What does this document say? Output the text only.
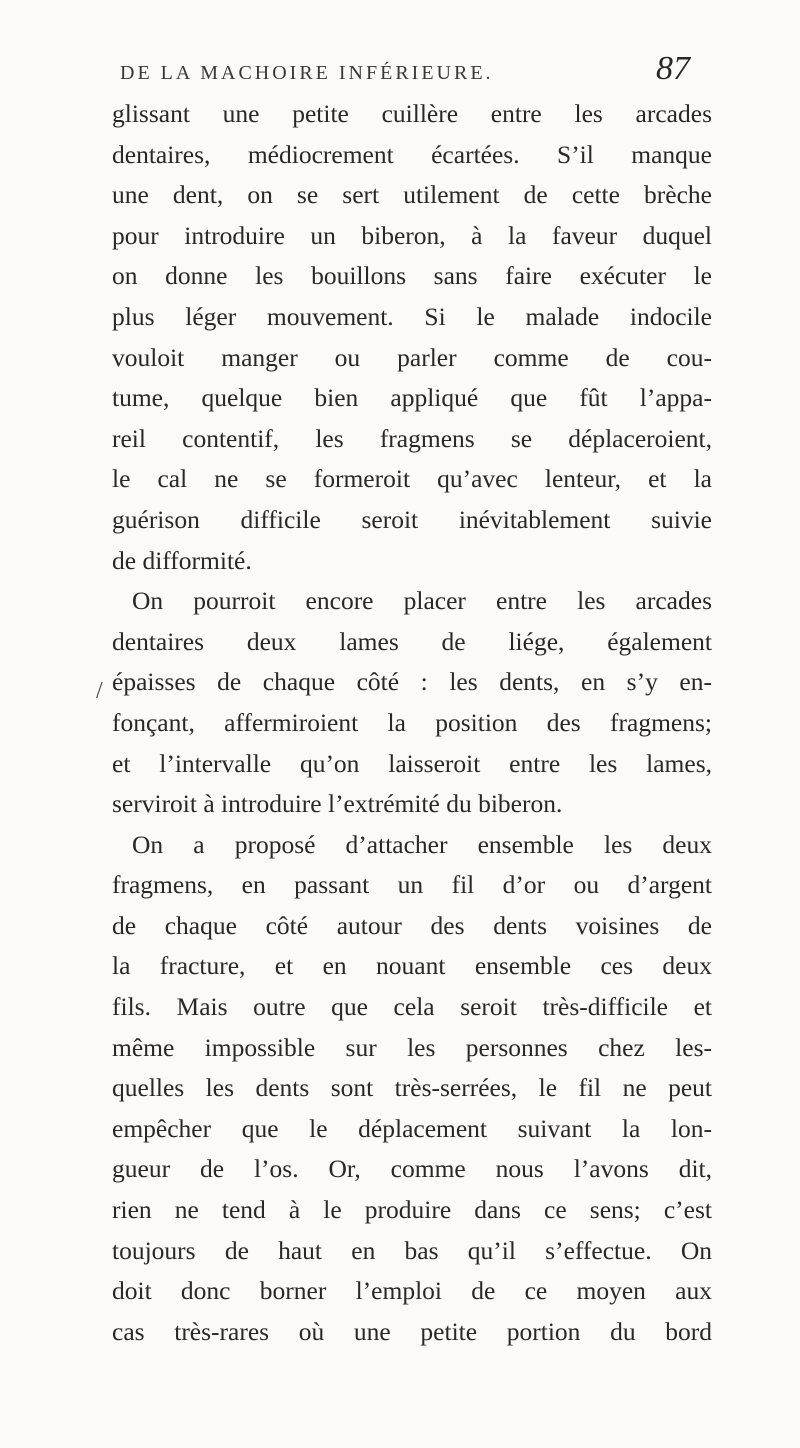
DE LA MACHOIRE INFÉRIEURE.	87
/
glissant une petite cuillère entre les arcades
dentaires, médiocrement écartées. S’il manque
une dent, on se sert utilement de cette brèche
pour introduire un biberon, à la faveur duquel
on donne les bouillons sans faire exécuter le
plus léger mouvement. Si le malade indocile
vouloit manger ou parler comme de cou-
tume, quelque bien appliqué que fût l’appa-
reil contentif, les fragmens se déplaceroient,
le cal ne se formeroit qu’avec lenteur, et la
guérison difficile seroit inévitablement suivie
de difformité.
On pourroit encore placer entre les arcades
dentaires deux lames de liége, également
épaisses de chaque côté : les dents, en s’y en-
fonçant, affermiroient la position des fragmens;
et l’intervalle qu’on laisseroit entre les lames,
serviroit à introduire l’extrémité du biberon.
On a proposé d’attacher ensemble les deux
fragmens, en passant un fil d’or ou d’argent
de chaque côté autour des dents voisines de
la fracture, et en nouant ensemble ces deux
fils. Mais outre que cela seroit très-difficile et
même impossible sur les personnes chez les-
quelles les dents sont très-serrées, le fil ne peut
empêcher que le déplacement suivant la lon-
gueur de l’os. Or, comme nous l’avons dit,
rien ne tend à le produire dans ce sens; c’est
toujours de haut en bas qu’il s’effectue. On
doit donc borner l’emploi de ce moyen aux
cas très-rares où une petite portion du bord
